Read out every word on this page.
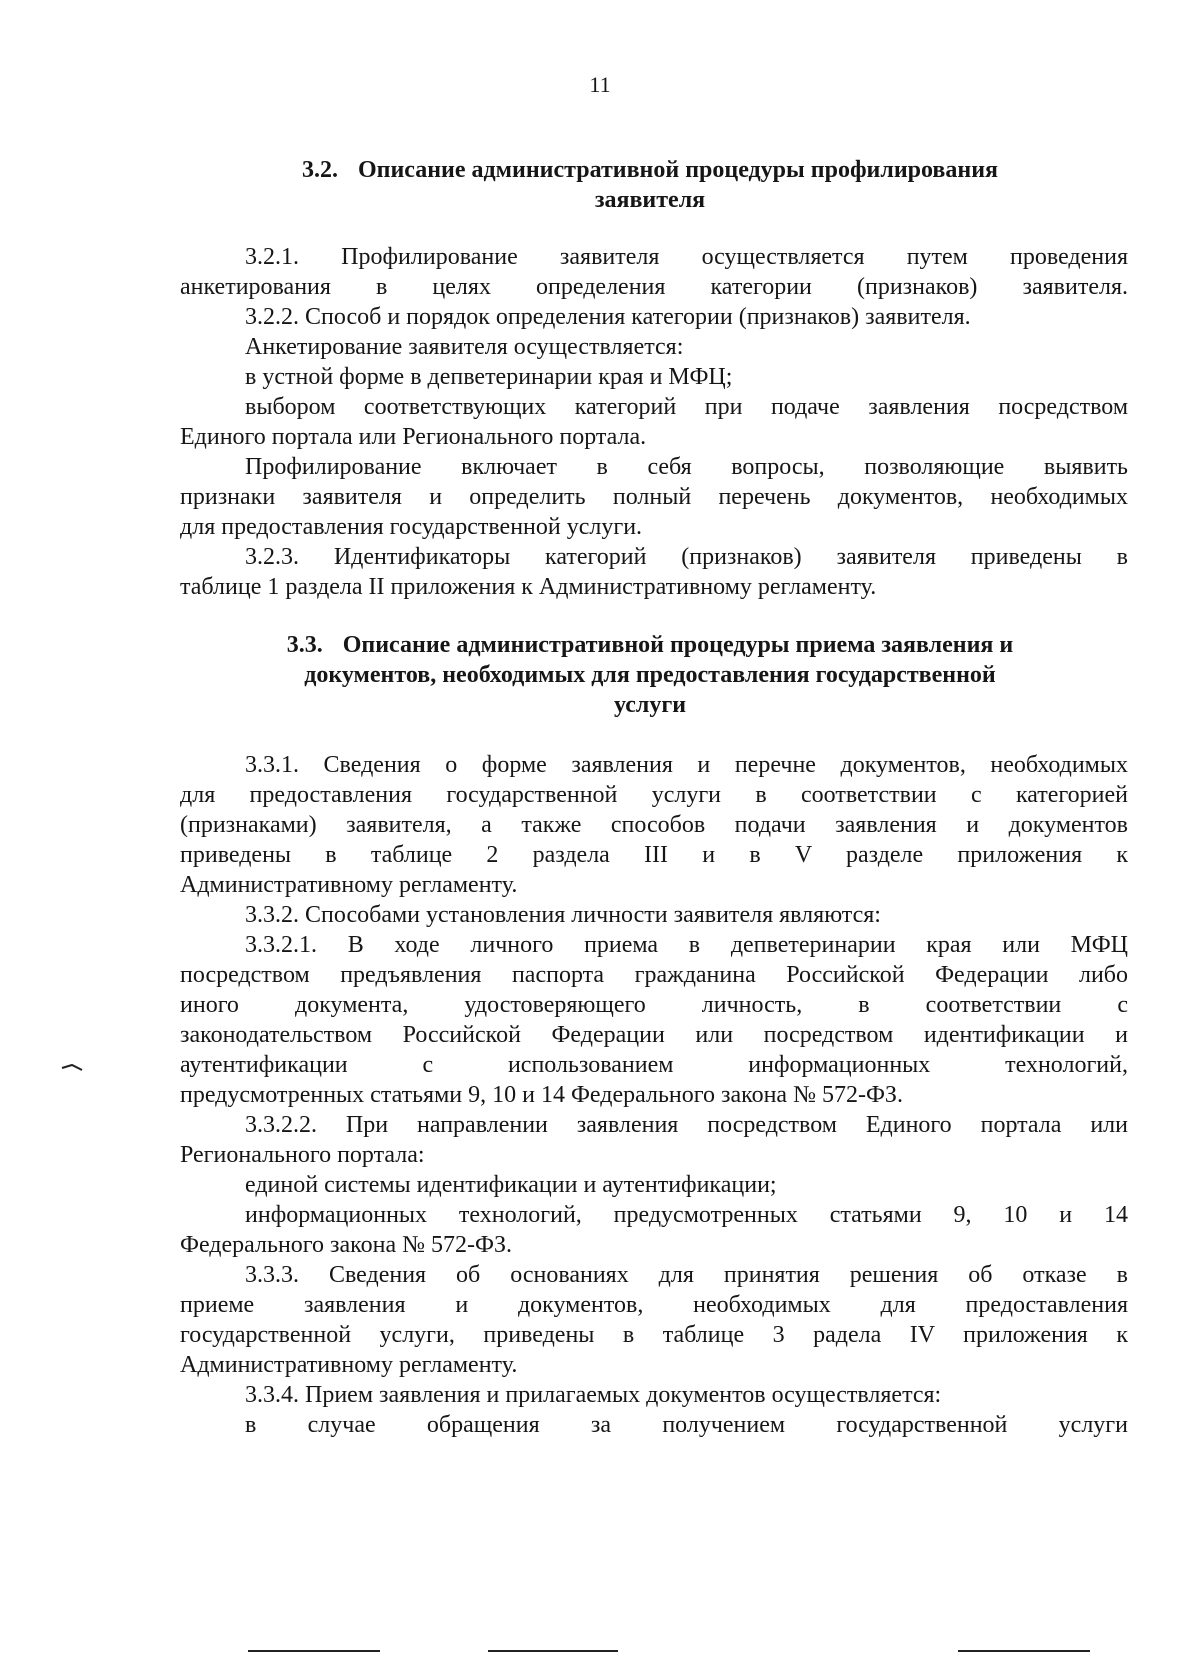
11
3.2. Описание административной процедуры профилирования
заявителя
3.2.1. Профилирование заявителя осуществляется путем проведения
анкетирования в целях определения категории (признаков) заявителя.
3.2.2. Способ и порядок определения категории (признаков) заявителя.
Анкетирование заявителя осуществляется:
в устной форме в депветеринарии края и МФЦ;
выбором соответствующих категорий при подаче заявления посредством
Единого портала или Регионального портала.
Профилирование включает в себя вопросы, позволяющие выявить
признаки заявителя и определить полный перечень документов, необходимых
для предоставления государственной услуги.
3.2.3. Идентификаторы категорий (признаков) заявителя приведены в
таблице 1 раздела II приложения к Административному регламенту.
3.3. Описание административной процедуры приема заявления и
документов, необходимых для предоставления государственной
услуги
3.3.1. Сведения о форме заявления и перечне документов, необходимых
для предоставления государственной услуги в соответствии с категорией
(признаками) заявителя, а также способов подачи заявления и документов
приведены в таблице 2 раздела III и в V разделе приложения к
Административному регламенту.
3.3.2. Способами установления личности заявителя являются:
3.3.2.1. В ходе личного приема в депветеринарии края или МФЦ
посредством предъявления паспорта гражданина Российской Федерации либо
иного документа, удостоверяющего личность, в соответствии с
законодательством Российской Федерации или посредством идентификации и
аутентификации с использованием информационных технологий,
предусмотренных статьями 9, 10 и 14 Федерального закона № 572-ФЗ.
3.3.2.2. При направлении заявления посредством Единого портала или
Регионального портала:
единой системы идентификации и аутентификации;
информационных технологий, предусмотренных статьями 9, 10 и 14
Федерального закона № 572-ФЗ.
3.3.3. Сведения об основаниях для принятия решения об отказе в
приеме заявления и документов, необходимых для предоставления
государственной услуги, приведены в таблице 3 радела IV приложения к
Административному регламенту.
3.3.4. Прием заявления и прилагаемых документов осуществляется:
в случае обращения за получением государственной услуги
